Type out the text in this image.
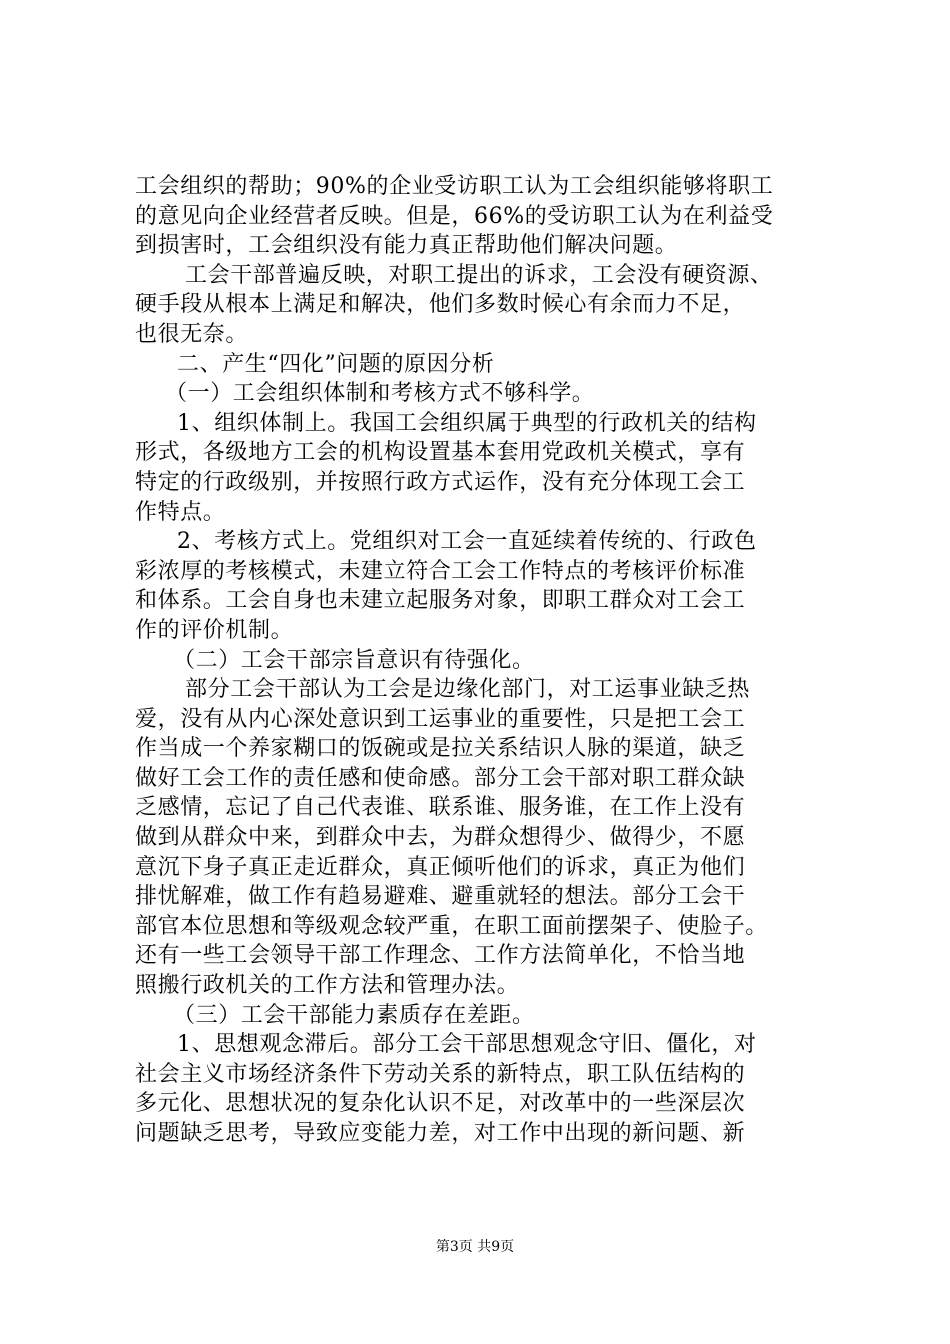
工会组织的帮助；90%的企业受访职工认为工会组织能够将职工
的意见向企业经营者反映。但是，66%的受访职工认为在利益受
到损害时，工会组织没有能力真正帮助他们解决问题。
工会干部普遍反映，对职工提出的诉求，工会没有硬资源、
硬手段从根本上满足和解决，他们多数时候心有余而力不足，
也很无奈。
二、产生“四化”问题的原因分析
（一）工会组织体制和考核方式不够科学。
1、组织体制上。我国工会组织属于典型的行政机关的结构
形式，各级地方工会的机构设置基本套用党政机关模式，享有
特定的行政级别，并按照行政方式运作，没有充分体现工会工
作特点。
2、考核方式上。党组织对工会一直延续着传统的、行政色
彩浓厚的考核模式，未建立符合工会工作特点的考核评价标准
和体系。工会自身也未建立起服务对象，即职工群众对工会工
作的评价机制。
（二）工会干部宗旨意识有待强化。
部分工会干部认为工会是边缘化部门，对工运事业缺乏热
爱，没有从内心深处意识到工运事业的重要性，只是把工会工
作当成一个养家糊口的饭碗或是拉关系结识人脉的渠道，缺乏
做好工会工作的责任感和使命感。部分工会干部对职工群众缺
乏感情，忘记了自己代表谁、联系谁、服务谁，在工作上没有
做到从群众中来，到群众中去，为群众想得少、做得少，不愿
意沉下身子真正走近群众，真正倾听他们的诉求，真正为他们
排忧解难，做工作有趋易避难、避重就轻的想法。部分工会干
部官本位思想和等级观念较严重，在职工面前摆架子、使脸子。
还有一些工会领导干部工作理念、工作方法简单化，不恰当地
照搬行政机关的工作方法和管理办法。
（三）工会干部能力素质存在差距。
1、思想观念滞后。部分工会干部思想观念守旧、僵化，对
社会主义市场经济条件下劳动关系的新特点，职工队伍结构的
多元化、思想状况的复杂化认识不足，对改革中的一些深层次
问题缺乏思考，导致应变能力差，对工作中出现的新问题、新
第3页 共9页
